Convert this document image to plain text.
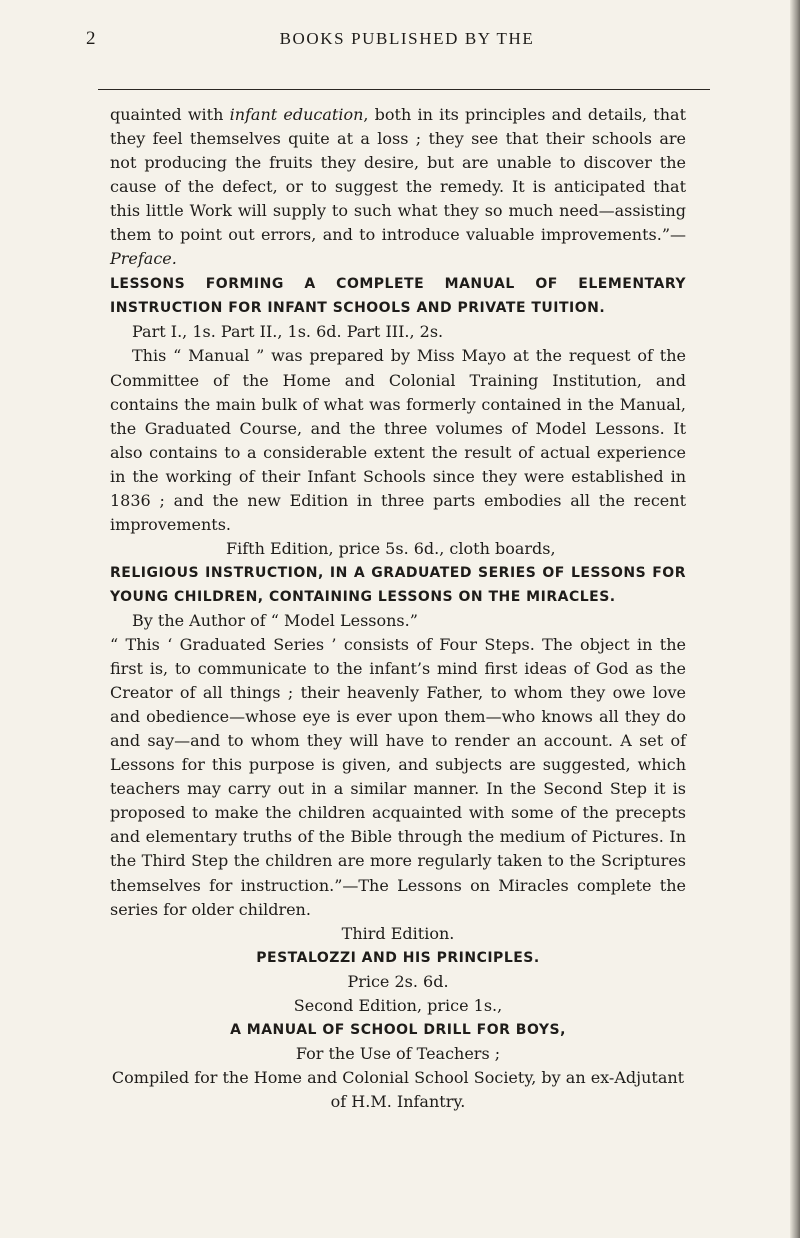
2	BOOKS PUBLISHED BY THE

quainted with infant education, both in its principles and details, that they feel themselves quite at a loss ; they see that their schools are not producing the fruits they desire, but are unable to discover the cause of the defect, or to suggest the remedy. It is anticipated that this little Work will supply to such what they so much need—assisting them to point out errors, and to introduce valuable improvements.”—Preface.

LESSONS FORMING A COMPLETE MANUAL OF ELEMENTARY INSTRUCTION FOR INFANT SCHOOLS AND PRIVATE TUITION.

Part I., 1s. Part II., 1s. 6d. Part III., 2s.

This “ Manual ” was prepared by Miss Mayo at the request of the Committee of the Home and Colonial Training Institution, and contains the main bulk of what was formerly contained in the Manual, the Graduated Course, and the three volumes of Model Lessons. It also contains to a considerable extent the result of actual experience in the working of their Infant Schools since they were established in 1836 ; and the new Edition in three parts embodies all the recent improvements.

Fifth Edition, price 5s. 6d., cloth boards,

RELIGIOUS INSTRUCTION, IN A GRADUATED SERIES OF LESSONS FOR YOUNG CHILDREN, CONTAINING LESSONS ON THE MIRACLES.

By the Author of “ Model Lessons.”

“ This ‘ Graduated Series ’ consists of Four Steps. The object in the first is, to communicate to the infant’s mind first ideas of God as the Creator of all things ; their heavenly Father, to whom they owe love and obedience—whose eye is ever upon them—who knows all they do and say—and to whom they will have to render an account. A set of Lessons for this purpose is given, and subjects are suggested, which teachers may carry out in a similar manner. In the Second Step it is proposed to make the children acquainted with some of the precepts and elementary truths of the Bible through the medium of Pictures. In the Third Step the children are more regularly taken to the Scriptures themselves for instruction.”—The Lessons on Miracles complete the series for older children.

Third Edition.

PESTALOZZI AND HIS PRINCIPLES.

Price 2s. 6d.

Second Edition, price 1s.,

A MANUAL OF SCHOOL DRILL FOR BOYS,

For the Use of Teachers ;

Compiled for the Home and Colonial School Society, by an ex-Adjutant of H.M. Infantry.
